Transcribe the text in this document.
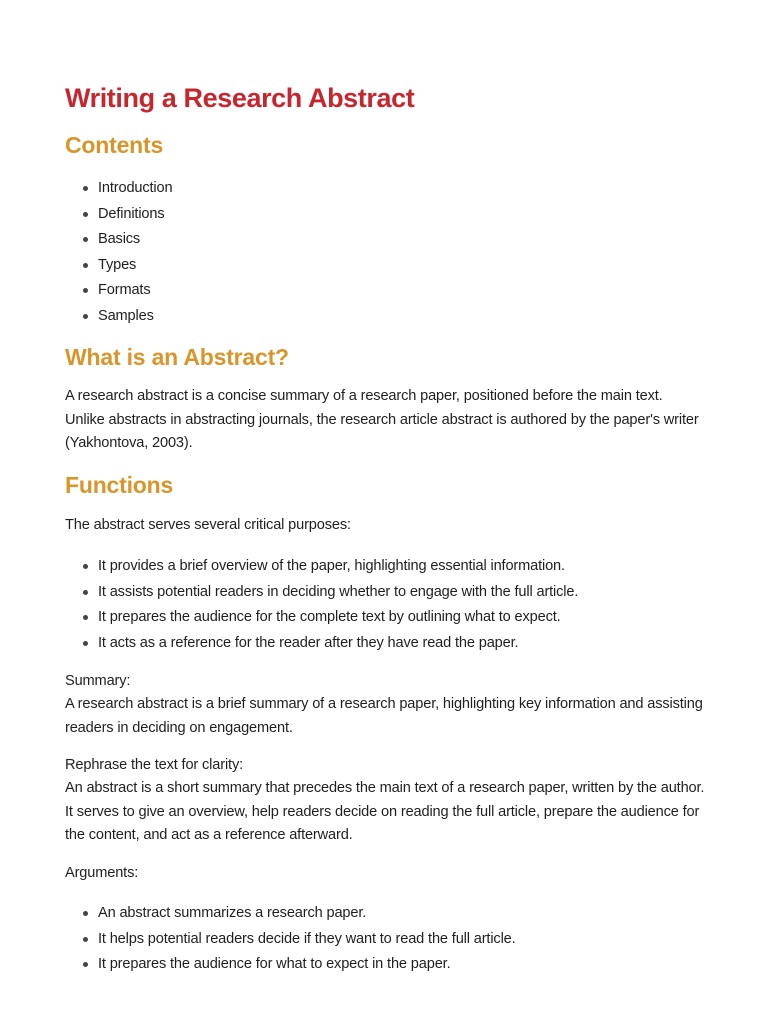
Writing a Research Abstract
Contents
Introduction
Definitions
Basics
Types
Formats
Samples
What is an Abstract?

A research abstract is a concise summary of a research paper, positioned before the main text. Unlike abstracts in abstracting journals, the research article abstract is authored by the paper's writer (Yakhontova, 2003).

Functions

The abstract serves several critical purposes:

It provides a brief overview of the paper, highlighting essential information.
It assists potential readers in deciding whether to engage with the full article.
It prepares the audience for the complete text by outlining what to expect.
It acts as a reference for the reader after they have read the paper.

Summary:

A research abstract is a brief summary of a research paper, highlighting key information and assisting readers in deciding on engagement.

Rephrase the text for clarity:

An abstract is a short summary that precedes the main text of a research paper, written by the author. It serves to give an overview, help readers decide on reading the full article, prepare the audience for the content, and act as a reference afterward.

Arguments:

An abstract summarizes a research paper.
It helps potential readers decide if they want to read the full article.
It prepares the audience for what to expect in the paper.
